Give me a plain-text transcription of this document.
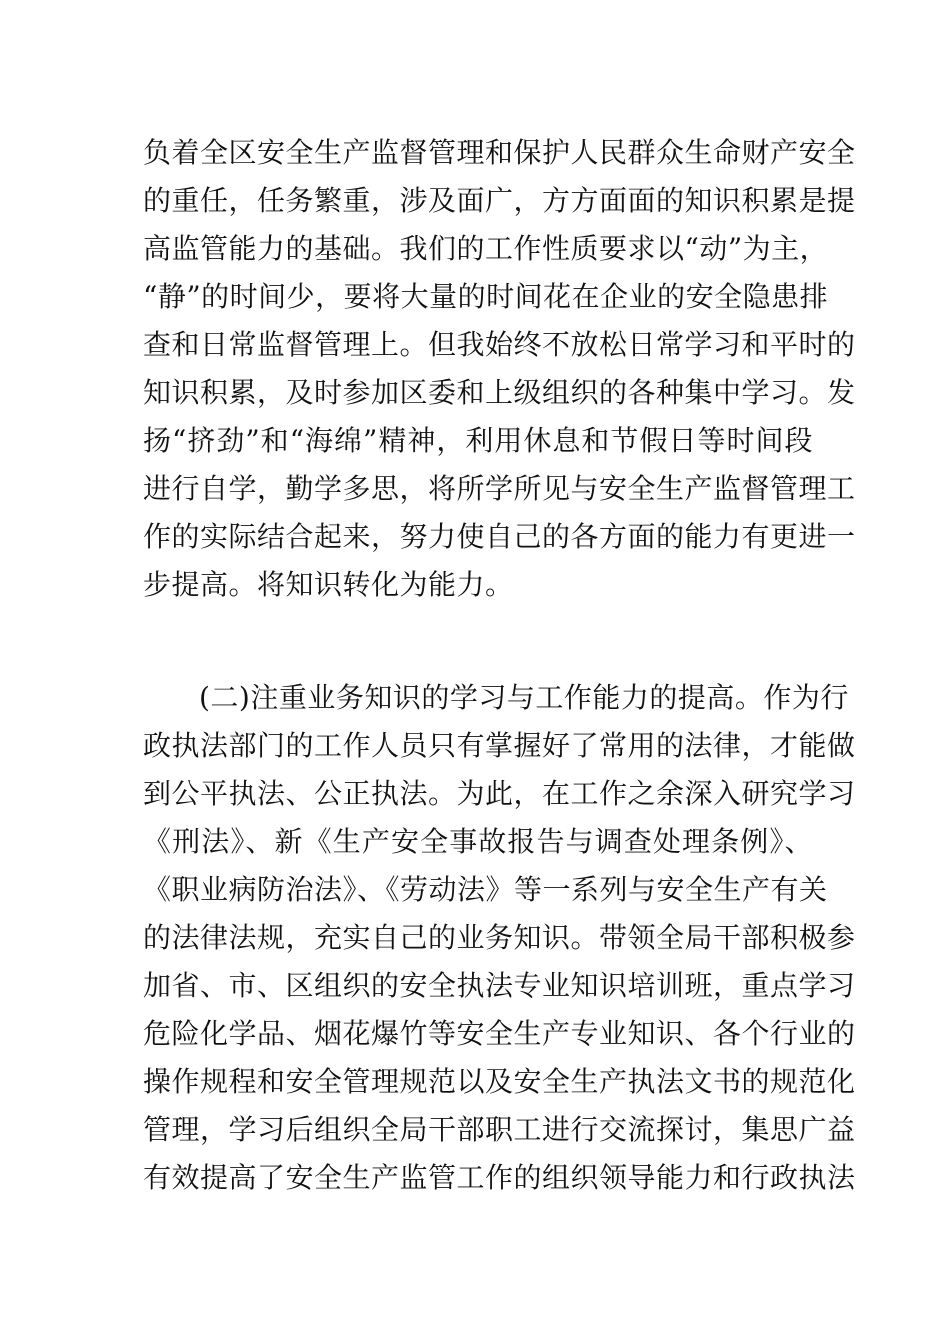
负着全区安全生产监督管理和保护人民群众生命财产安全
的重任，任务繁重，涉及面广，方方面面的知识积累是提
高监管能力的基础。我们的工作性质要求以“动”为主，
“静”的时间少，要将大量的时间花在企业的安全隐患排
查和日常监督管理上。但我始终不放松日常学习和平时的
知识积累，及时参加区委和上级组织的各种集中学习。发
扬“挤劲”和“海绵”精神，利用休息和节假日等时间段
进行自学，勤学多思，将所学所见与安全生产监督管理工
作的实际结合起来，努力使自己的各方面的能力有更进一
步提高。将知识转化为能力。
(二)注重业务知识的学习与工作能力的提高。作为行
政执法部门的工作人员只有掌握好了常用的法律，才能做
到公平执法、公正执法。为此，在工作之余深入研究学习
《刑法》、新《生产安全事故报告与调查处理条例》、
《职业病防治法》、《劳动法》等一系列与安全生产有关
的法律法规，充实自己的业务知识。带领全局干部积极参
加省、市、区组织的安全执法专业知识培训班，重点学习
危险化学品、烟花爆竹等安全生产专业知识、各个行业的
操作规程和安全管理规范以及安全生产执法文书的规范化
管理，学习后组织全局干部职工进行交流探讨，集思广益
有效提高了安全生产监管工作的组织领导能力和行政执法
